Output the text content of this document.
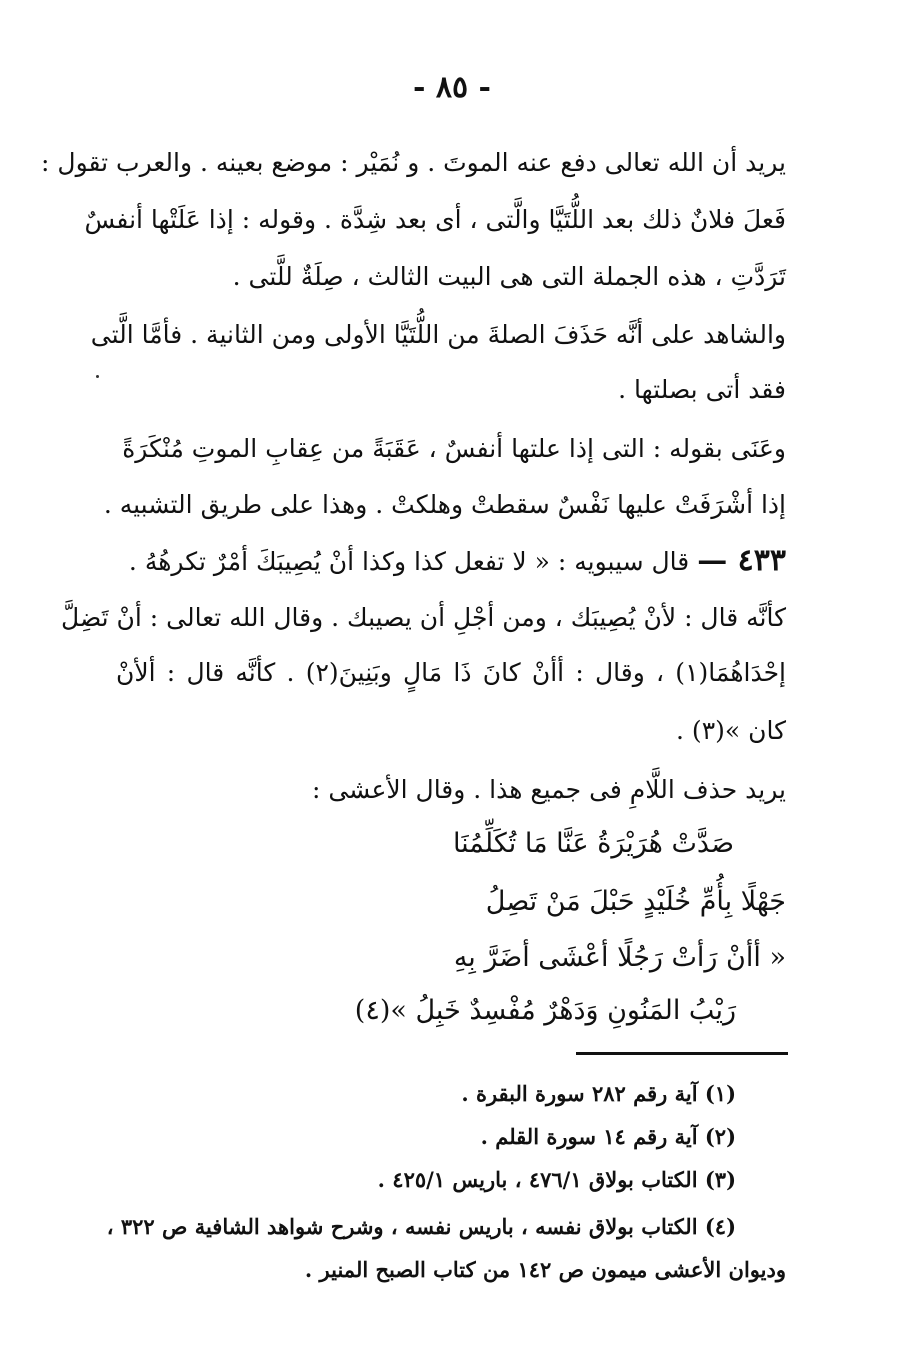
- ٨٥ -
يريد أن الله تعالى دفع عنه الموتَ . و نُمَيْر : موضع بعينه . والعرب تقول :
فَعلَ فلانٌ ذلك بعد اللُّتَيَّا والَّتى ، أى بعد شِدَّة . وقوله : إذا عَلَتْها أنفسٌ
تَرَدَّتِ ، هذه الجملة التى هى البيت الثالث ، صِلَةٌ للَّتى .
والشاهد على أنَّه حَذَفَ الصلةَ من اللُّتَيَّا الأولى ومن الثانية . فأمَّا الَّتى
فقد أتى بصلتها .
وعَنَى بقوله : التى إذا علتها أنفسٌ ، عَقَبَةً من عِقابِ الموتِ مُنْكَرَةً
إذا أشْرَفَتْ عليها نَفْسٌ سقطتْ وهلكتْ . وهذا على طريق التشبيه .
٤٣٣ — قال سيبويه : « لا تفعل كذا وكذا أنْ يُصِيبَكَ أمْرٌ تكرهُهُ .
كأنَّه قال : لأنْ يُصِيبَك ، ومن أجْلِ أن يصيبك . وقال الله تعالى : أنْ تَضِلَّ
إحْدَاهُمَا(١) ، وقال : أأنْ كانَ ذَا مَالٍ وبَنِينَ(٢) . كأنَّه قال : ألأنْ
كان »(٣) .
يريد حذف اللَّامِ فى جميع هذا . وقال الأعشى :
صَدَّتْ هُرَيْرَةُ عَنَّا مَا تُكَلِّمُنَا
جَهْلًا بِأُمِّ خُلَيْدٍ حَبْلَ مَنْ تَصِلُ
« أأنْ رَأتْ رَجُلًا أعْشَى أضَرَّ بِهِ
رَيْبُ المَنُونِ وَدَهْرٌ مُفْسِدٌ خَبِلُ »(٤)
(١) آية رقم ٢٨٢ سورة البقرة .
(٢) آية رقم ١٤ سورة القلم .
(٣) الكتاب بولاق ٤٧٦/١ ، باريس ٤٢٥/١ .
(٤) الكتاب بولاق نفسه ، باريس نفسه ، وشرح شواهد الشافية ص ٣٢٢ ،
وديوان الأعشى ميمون ص ١٤٢ من كتاب الصبح المنير .
